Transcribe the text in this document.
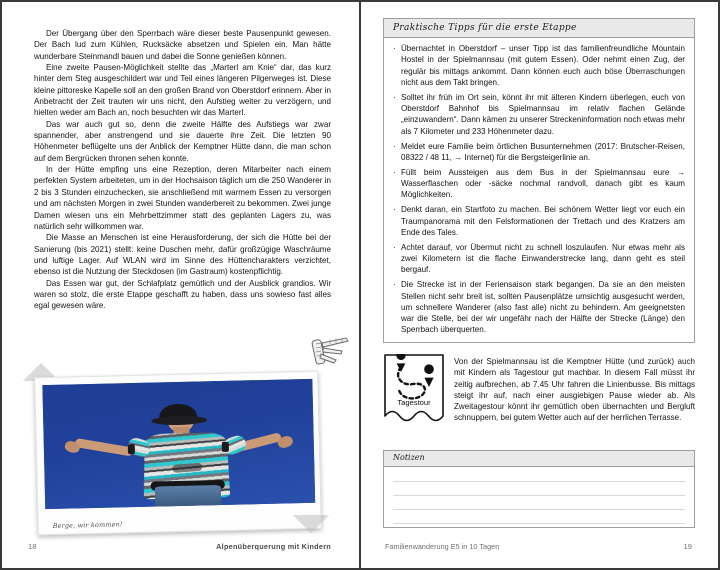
Der Übergang über den Sperrbach wäre dieser beste Pausenpunkt gewesen. Der Bach lud zum Kühlen, Rucksäcke absetzen und Spielen ein. Man hätte wunderbare Steinmandl bauen und dabei die Sonne genießen können.

Eine zweite Pausen-Möglichkeit stellte das „Marterl am Knie“ dar, das kurz hinter dem Steg ausgeschildert war und Teil eines längeren Pilgerweges ist. Diese kleine pittoreske Kapelle soll an den großen Brand von Oberstdorf erinnern. Aber in Anbetracht der Zeit trauten wir uns nicht, den Aufstieg weiter zu verzögern, und hielten weder am Bach an, noch besuchten wir das Marterl.

Das war auch gut so, denn die zweite Hälfte des Aufstiegs war zwar spannender, aber anstrengend und sie dauerte ihre Zeit. Die letzten 90 Höhenmeter beflügelte uns der Anblick der Kemptner Hütte dann, die man schon auf dem Bergrücken thronen sehen konnte.

In der Hütte empfing uns eine Rezeption, deren Mitarbeiter nach einem perfekten System arbeiteten, um in der Hochsaison täglich um die 250 Wanderer in 2 bis 3 Stunden einzuchecken, sie anschließend mit warmem Essen zu versorgen und am nächsten Morgen in zwei Stunden wanderbereit zu bekommen. Zwei junge Damen wiesen uns ein Mehrbettzimmer statt des geplanten Lagers zu, was natürlich sehr willkommen war.

Die Masse an Menschen ist eine Herausforderung, der sich die Hütte bei der Sanierung (bis 2021) stellt: keine Duschen mehr, dafür großzügige Waschräume und luftige Lager. Auf WLAN wird im Sinne des Hüttencharakters verzichtet, ebenso ist die Nutzung der Steckdosen (im Gastraum) kostenpflichtig.

Das Essen war gut, der Schlafplatz gemütlich und der Ausblick grandios. Wir waren so stolz, die erste Etappe geschafft zu haben, dass uns sowieso fast alles egal gewesen wäre.

Berge, wir kommen!
18	Alpenüberquerung mit Kindern
Praktische Tipps für die erste Etappe
· Übernachtet in Oberstdorf – unser Tipp ist das familienfreundliche Mountain Hostel in der Spielmannsau (mit gutem Essen). Oder nehmt einen Zug, der regulär bis mittags ankommt. Dann können euch auch böse Überraschungen nicht aus dem Takt bringen.
· Solltet ihr früh im Ort sein, könnt ihr mit älteren Kindern überlegen, euch von Oberstdorf Bahnhof bis Spielmannsau im relativ flachen Gelände „einzuwandern“. Dann kämen zu unserer Streckeninformation noch etwas mehr als 7 Kilometer und 233 Höhenmeter dazu.
· Meldet eure Familie beim örtlichen Busunternehmen (2017: Brutscher-Reisen, 08322 / 48 11, → Internet) für die Bergsteigerlinie an.
· Füllt beim Aussteigen aus dem Bus in der Spielmannsau eure → Wasserflaschen oder -säcke nochmal randvoll, danach gibt es kaum Möglichkeiten.
· Denkt daran, ein Startfoto zu machen. Bei schönem Wetter liegt vor euch ein Traumpanorama mit den Felsformationen der Trettach und des Kratzers am Ende des Tales.
· Achtet darauf, vor Übermut nicht zu schnell loszulaufen. Nur etwas mehr als zwei Kilometern ist die flache Einwanderstrecke lang, dann geht es steil bergauf.
· Die Strecke ist in der Feriensaison stark begangen. Da sie an den meisten Stellen nicht sehr breit ist, sollten Pausenplätze umsichtig ausgesucht werden, um schnellere Wanderer (also fast alle) nicht zu behindern. Am geeignetsten war die Stelle, bei der wir ungefähr nach der Hälfte der Strecke (Länge) den Sperrbach überquerten.
Tagestour
Von der Spielmannsau ist die Kemptner Hütte (und zurück) auch mit Kindern als Tagestour gut machbar. In diesem Fall müsst ihr zeitig aufbrechen, ab 7.45 Uhr fahren die Linienbusse. Bis mittags steigt ihr auf, nach einer ausgiebigen Pause wieder ab. Als Zweitagestour könnt ihr gemütlich oben übernachten und Bergluft schnuppern, bei gutem Wetter auch auf der herrlichen Terrasse.
Notizen
Familienwanderung E5 in 10 Tagen	19
